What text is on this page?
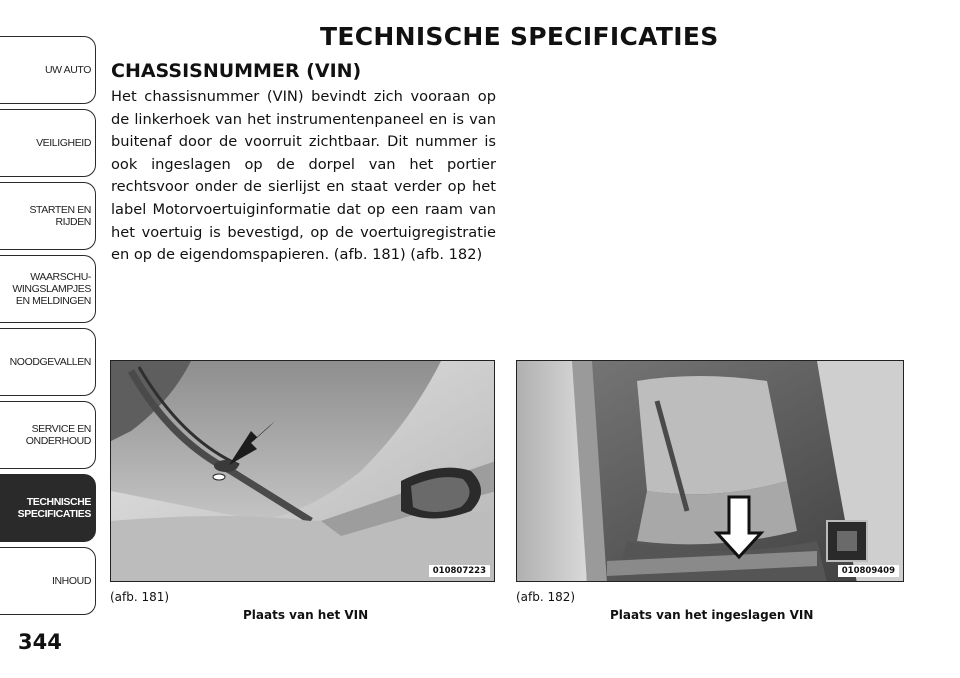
UW AUTO
VEILIGHEID
STARTEN EN
RIJDEN
WAARSCHU-
WINGSLAMPJES
EN MELDINGEN
NOODGEVALLEN
SERVICE EN
ONDERHOUD
TECHNISCHE
SPECIFICATIES
INHOUD
344
TECHNISCHE SPECIFICATIES
CHASSISNUMMER (VIN)
Het chassisnummer (VIN) bevindt zich vooraan op de linkerhoek van het instrumentenpaneel en is van buitenaf door de voorruit zichtbaar. Dit nummer is ook ingeslagen op de dorpel van het portier rechtsvoor onder de sierlijst en staat verder op het label Motorvoertuiginformatie dat op een raam van het voertuig is bevestigd, op de voertuigregistratie en op de eigendomspapieren. (afb. 181) (afb. 182)
010807223
(afb. 181)
Plaats van het VIN
010809409
(afb. 182)
Plaats van het ingeslagen VIN
